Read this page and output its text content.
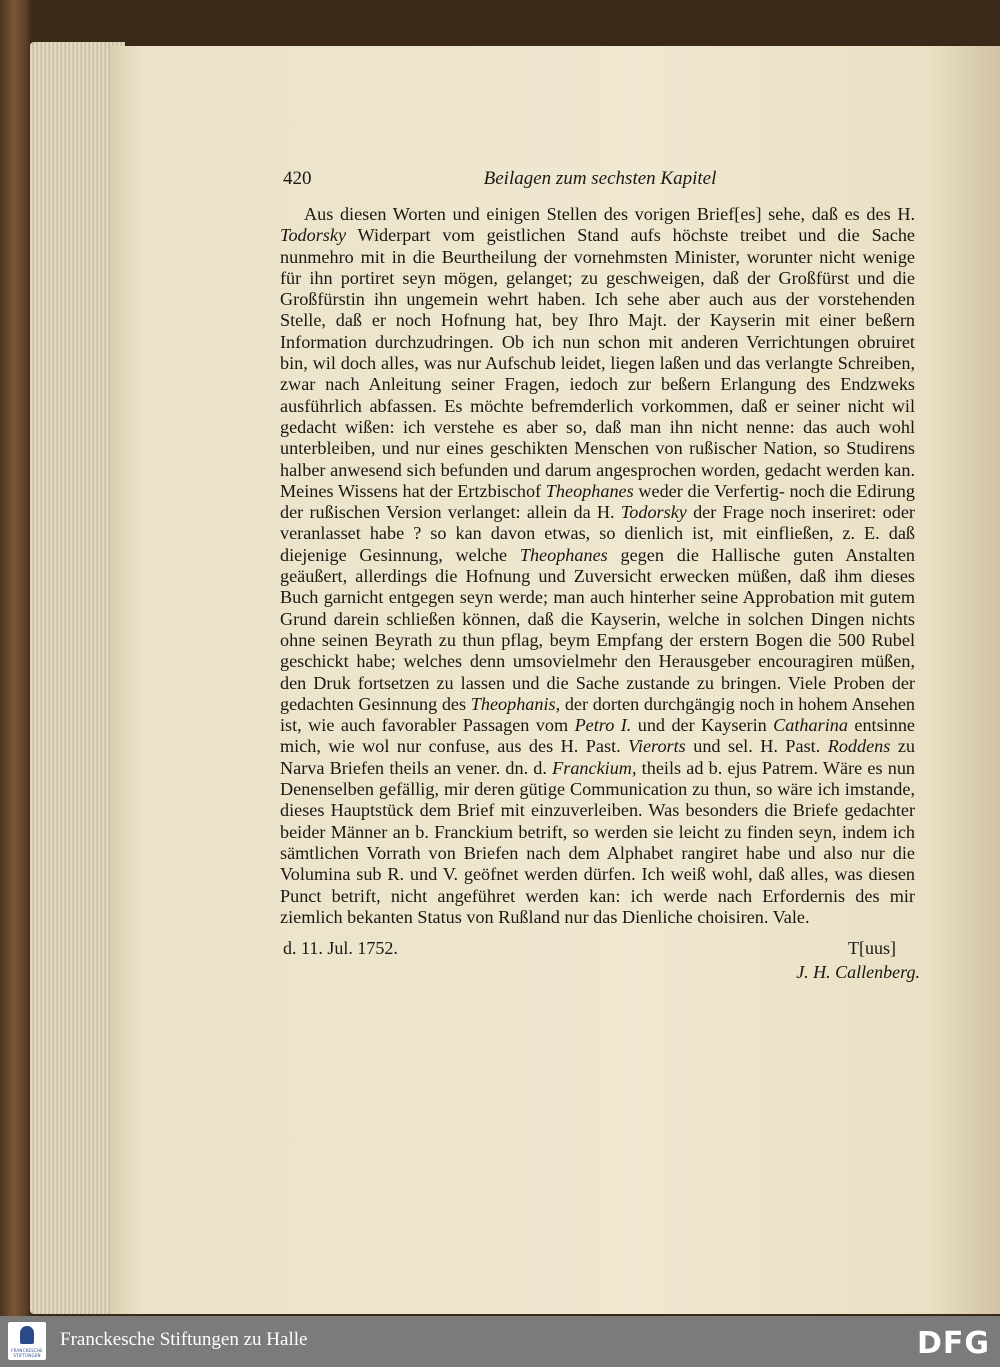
420	Beilagen zum sechsten Kapitel

Aus diesen Worten und einigen Stellen des vorigen Brief[es] sehe, daß es des H. Todorsky Widerpart vom geistlichen Stand aufs höchste treibet und die Sache nunmehro mit in die Beurtheilung der vornehmsten Minister, worunter nicht wenige für ihn portiret seyn mögen, gelanget; zu geschweigen, daß der Großfürst und die Großfürstin ihn ungemein wehrt haben. Ich sehe aber auch aus der vorstehenden Stelle, daß er noch Hofnung hat, bey Ihro Majt. der Kayserin mit einer beßern Information durchzudringen. Ob ich nun schon mit anderen Verrichtungen obruiret bin, wil doch alles, was nur Aufschub leidet, liegen laßen und das verlangte Schreiben, zwar nach Anleitung seiner Fragen, iedoch zur beßern Erlangung des Endzweks ausführlich abfassen. Es möchte befremderlich vorkommen, daß er seiner nicht wil gedacht wißen: ich verstehe es aber so, daß man ihn nicht nenne: das auch wohl unterbleiben, und nur eines geschikten Menschen von rußischer Nation, so Studirens halber anwesend sich befunden und darum angesprochen worden, gedacht werden kan. Meines Wissens hat der Ertzbischof Theophanes weder die Verfertig- noch die Edirung der rußischen Version verlanget: allein da H. Todorsky der Frage noch inseriret: oder veranlasset habe ? so kan davon etwas, so dienlich ist, mit einfließen, z. E. daß diejenige Gesinnung, welche Theophanes gegen die Hallische guten Anstalten geäußert, allerdings die Hofnung und Zuversicht erwecken müßen, daß ihm dieses Buch garnicht entgegen seyn werde; man auch hinterher seine Approbation mit gutem Grund darein schließen können, daß die Kayserin, welche in solchen Dingen nichts ohne seinen Beyrath zu thun pflag, beym Empfang der erstern Bogen die 500 Rubel geschickt habe; welches denn umsovielmehr den Herausgeber encouragiren müßen, den Druk fortsetzen zu lassen und die Sache zustande zu bringen. Viele Proben der gedachten Gesinnung des Theophanis, der dorten durchgängig noch in hohem Ansehen ist, wie auch favorabler Passagen vom Petro I. und der Kayserin Catharina entsinne mich, wie wol nur confuse, aus des H. Past. Vierorts und sel. H. Past. Roddens zu Narva Briefen theils an vener. dn. d. Franckium, theils ad b. ejus Patrem. Wäre es nun Denenselben gefällig, mir deren gütige Communication zu thun, so wäre ich imstande, dieses Hauptstück dem Brief mit einzuverleiben. Was besonders die Briefe gedachter beider Männer an b. Franckium betrift, so werden sie leicht zu finden seyn, indem ich sämtlichen Vorrath von Briefen nach dem Alphabet rangiret habe und also nur die Volumina sub R. und V. geöfnet werden dürfen. Ich weiß wohl, daß alles, was diesen Punct betrift, nicht angeführet werden kan: ich werde nach Erfordernis des mir ziemlich bekanten Status von Rußland nur das Dienliche choisiren. Vale.

d. 11. Jul. 1752.	T[uus]
J. H. Callenberg.
FRANCKESCHE
STIFTUNGEN
Franckesche Stiftungen zu Halle	DFG
